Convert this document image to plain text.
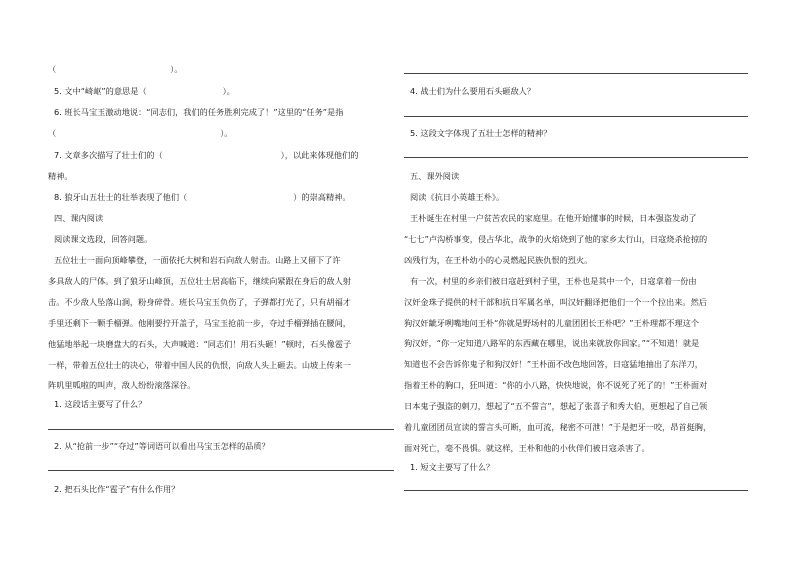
（	）。
5. 文中“崎岖”的意思是（	）。
6. 班长马宝玉激动地说：“同志们，我们的任务胜利完成了！”这里的“任务”是指
（	）。
7. 文章多次描写了壮士们的（	），以此来体现他们的
精神。
8. 狼牙山五壮士的壮举表现了他们（	）的崇高精神。
四、课内阅读
阅读课文选段，回答问题。
五位壮士一面向顶峰攀登，一面依托大树和岩石向敌人射击。山路上又留下了许
多具敌人的尸体。到了狼牙山峰顶，五位壮士居高临下，继续向紧跟在身后的敌人射
击。不少敌人坠落山涧，粉身碎骨。班长马宝玉负伤了，子弹都打光了，只有胡福才
手里还剩下一颗手榴弹。他刚要拧开盖子，马宝玉抢前一步，夺过手榴弹插在腰间，
他猛地举起一块磨盘大的石头，大声喊道：“同志们！用石头砸！”顿时，石头像雹子
一样，带着五位壮士的决心，带着中国人民的仇恨，向敌人头上砸去。山坡上传来一
阵叽里呱啦的叫声，敌人纷纷滚落深谷。
1. 这段话主要写了什么？
2. 从“抢前一步”“夺过”等词语可以看出马宝玉怎样的品质？
2. 把石头比作“雹子”有什么作用？
4. 战士们为什么要用石头砸敌人？
5. 这段文字体现了五壮士怎样的精神？
五、课外阅读
阅读《抗日小英雄王朴》。
王朴诞生在村里一户贫苦农民的家庭里。在他开始懂事的时候，日本强盗发动了
“七七”卢沟桥事变，侵占华北，战争的火焰烧到了他的家乡太行山，日寇烧杀抢掠的
凶残行为，在王朴幼小的心灵燃起民族仇恨的烈火。
有一次，村里的乡亲们被日寇赶到村子里，王朴也是其中一个，日寇拿着一份由
汉奸金珠子提供的村干部和抗日军属名单，叫汉奸翻译把他们一个一个拉出来。然后
狗汉奸龇牙咧嘴地问王朴“你就是野场村的儿童团团长王朴吧？”王朴理都不理这个
狗汉奸，“你一定知道八路军的东西藏在哪里，说出来就放你回家。”“不知道！就是
知道也不会告诉你鬼子和狗汉奸！”王朴面不改色地回答，日寇猛地抽出了东洋刀，
指着王朴的胸口，狂叫道：“你的小八路，快快地说，你不说死了死了的！”王朴面对
日本鬼子强盗的刺刀，想起了“五不誓言”，想起了张喜子和秀大伯，更想起了自己领
着儿童团团员宣读的誓言头可断，血可流，秘密不可泄！”于是把牙一咬，昂首挺胸，
面对死亡，毫不畏惧。就这样，王朴和他的小伙伴们被日寇杀害了。
1. 短文主要写了什么？
